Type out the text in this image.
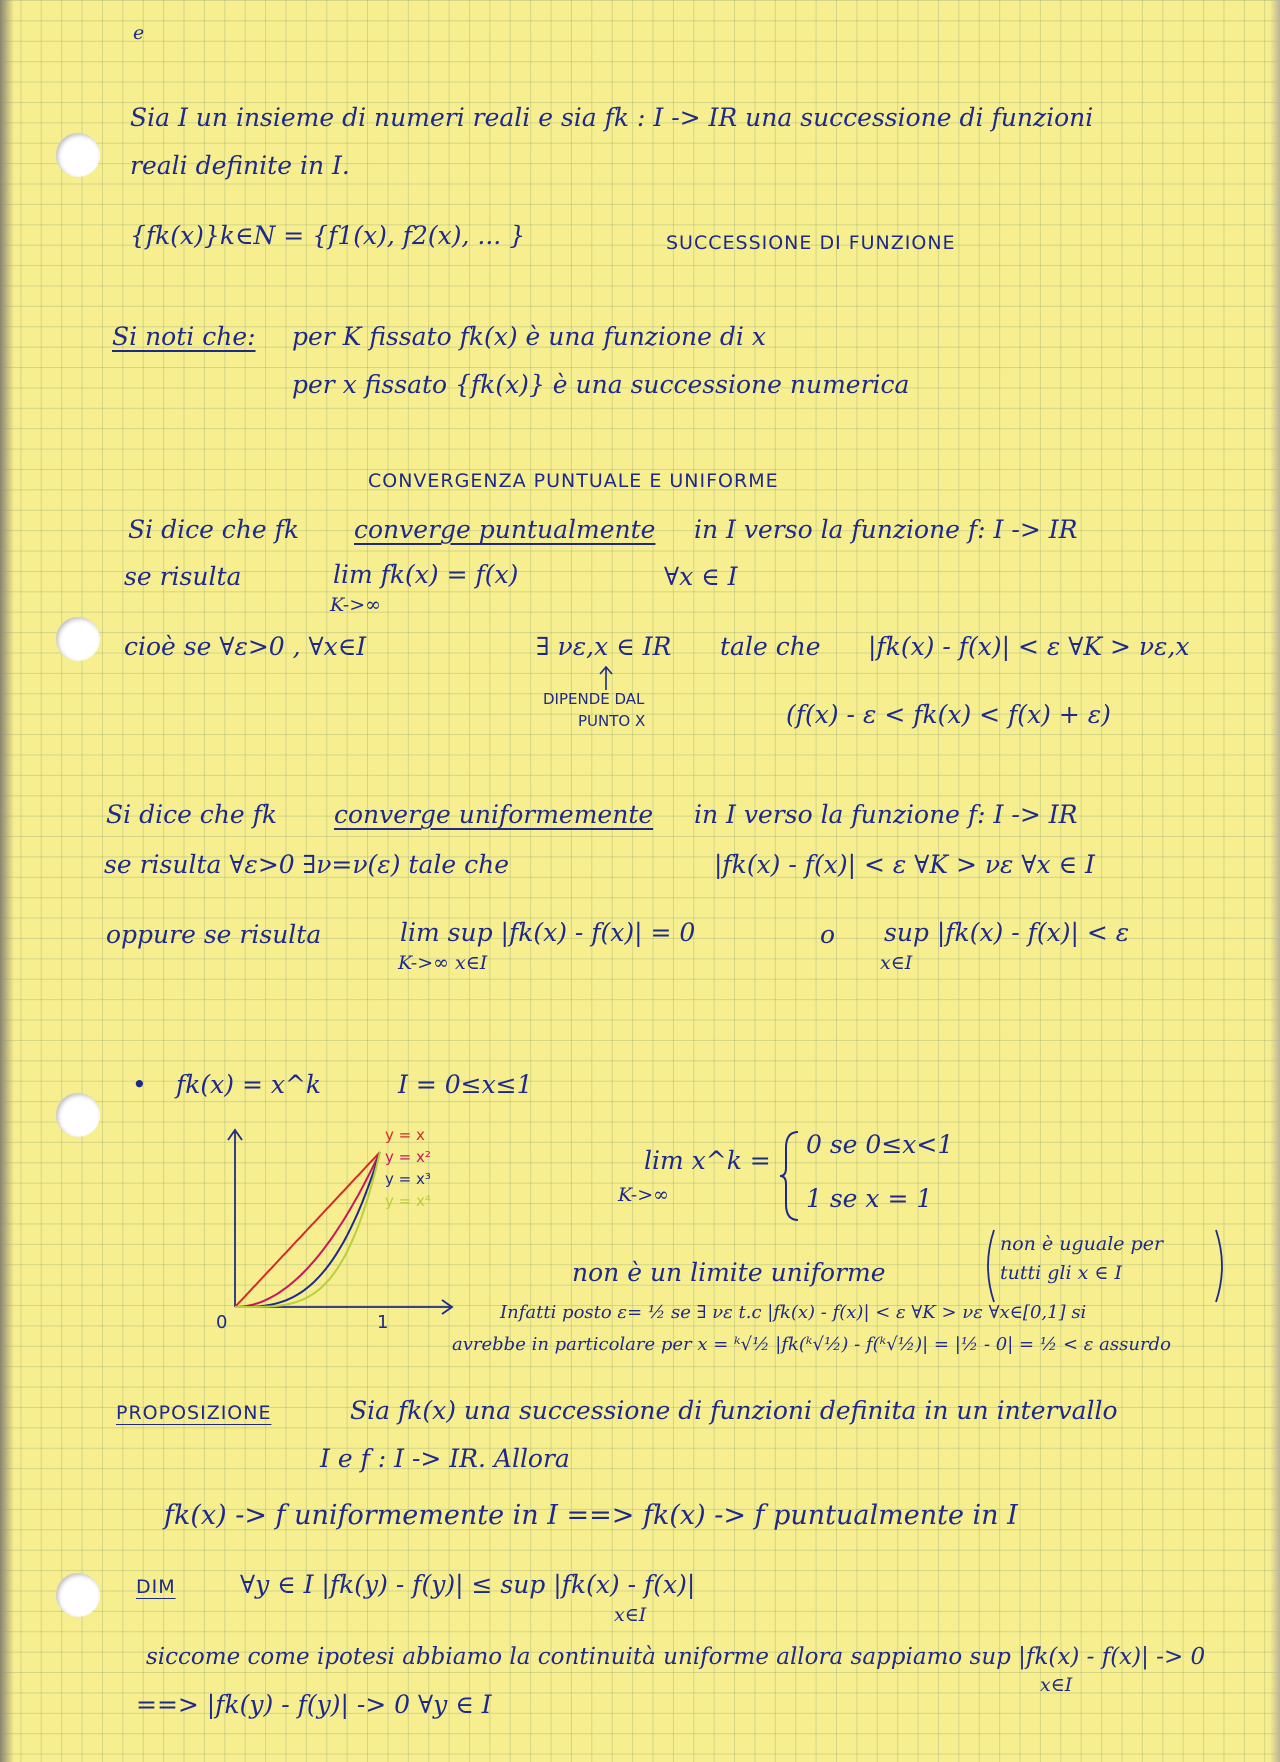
e
Sia I un insieme di numeri reali e sia fk : I -> IR una successione di funzioni
reali definite in I.
{fk(x)}k∈N = {f1(x), f2(x), ... }	SUCCESSIONE DI FUNZIONE
Si noti che: per K fissato fk(x) è una funzione di x
per x fissato {fk(x)} è una successione numerica
CONVERGENZA PUNTUALE E UNIFORME
Si dice che fk converge puntualmente in I verso la funzione f: I -> IR
se risulta	lim fk(x) = f(x)
K->∞
∀x ∈ I
cioè se ∀ε>0 , ∀x∈I	∃ νε,x ∈ IR tale che |fk(x) - f(x)| < ε ∀K > νε,x
DIPENDE DAL
PUNTO X	(f(x) - ε < fk(x) < f(x) + ε)
Si dice che fk converge uniformemente in I verso la funzione f: I -> IR
se risulta ∀ε>0 ∃ν=ν(ε) tale che	|fk(x) - f(x)| < ε ∀K > νε ∀x ∈ I
oppure se risulta	lim sup |fk(x) - f(x)| = 0
K->∞ x∈I
o sup |fk(x) - f(x)| < ε
x∈I
• fk(x) = x^k	I = 0≤x≤1
y = x
y = x²
y = x³
y = x⁴
0	1
lim x^k =
K->∞
0 se 0≤x<1
1 se x = 1
non è un limite uniforme
non è uguale per
tutti gli x ∈ I
Infatti posto ε= ½ se ∃ νε t.c |fk(x) - f(x)| < ε ∀K > νε ∀x∈[0,1] si
avrebbe in particolare per x = ᵏ√½ |fk(ᵏ√½) - f(ᵏ√½)| = |½ - 0| = ½ < ε assurdo
PROPOSIZIONE	Sia fk(x) una successione di funzioni definita in un intervallo
I e f : I -> IR. Allora
fk(x) -> f uniformemente in I ==> fk(x) -> f puntualmente in I
DIM	∀y ∈ I |fk(y) - f(y)| ≤ sup |fk(x) - f(x)|
x∈I
siccome come ipotesi abbiamo la continuità uniforme allora sappiamo sup |fk(x) - f(x)| -> 0
x∈I
==> |fk(y) - f(y)| -> 0 ∀y ∈ I
